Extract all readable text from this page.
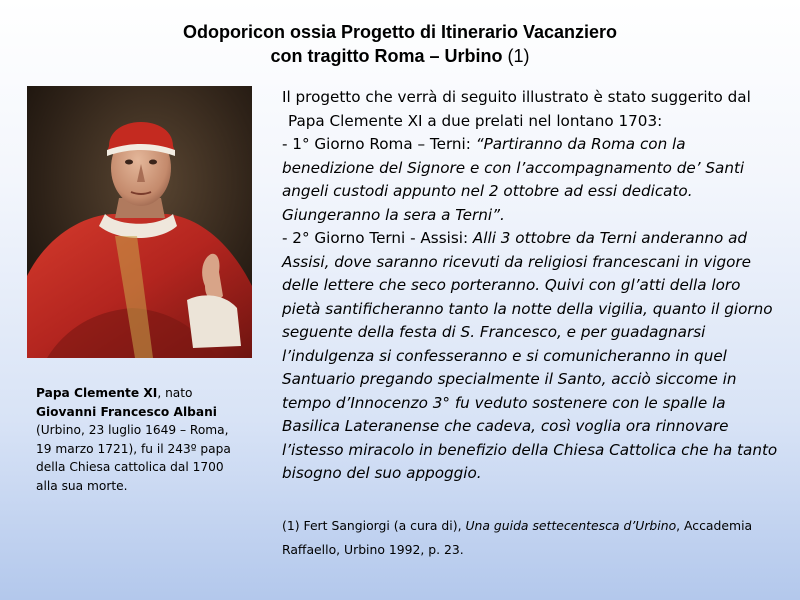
Odoporicon ossia Progetto di Itinerario Vacanziero
con tragitto Roma – Urbino (1)
Papa Clemente XI, nato
Giovanni Francesco Albani
(Urbino, 23 luglio 1649 – Roma, 19 marzo 1721), fu il 243º papa della Chiesa cattolica dal 1700 alla sua morte.

Il progetto che verrà di seguito illustrato è stato suggerito dal

Papa Clemente XI a due prelati nel lontano 1703:

- 1° Giorno Roma – Terni: “Partiranno da Roma con la benedizione del Signore e con l’accompagnamento de’ Santi angeli custodi appunto nel 2 ottobre ad essi dedicato. Giungeranno la sera a Terni”.

- 2° Giorno Terni - Assisi: Alli 3 ottobre da Terni anderanno ad Assisi, dove saranno ricevuti da religiosi francescani in vigore delle lettere che seco porteranno. Quivi con gl’atti della loro pietà santificheranno tanto la notte della vigilia, quanto il giorno seguente della festa di S. Francesco, e per guadagnarsi l’indulgenza si confesseranno e si comunicheranno in quel Santuario pregando specialmente il Santo, acciò siccome in tempo d’Innocenzo 3° fu veduto sostenere con le spalle la Basilica Lateranense che cadeva, così voglia ora rinnovare l’istesso miracolo in benefizio della Chiesa Cattolica che ha tanto bisogno del suo appoggio.

(1) Fert Sangiorgi (a cura di), Una guida settecentesca d’Urbino, Accademia Raffaello, Urbino 1992, p. 23.
